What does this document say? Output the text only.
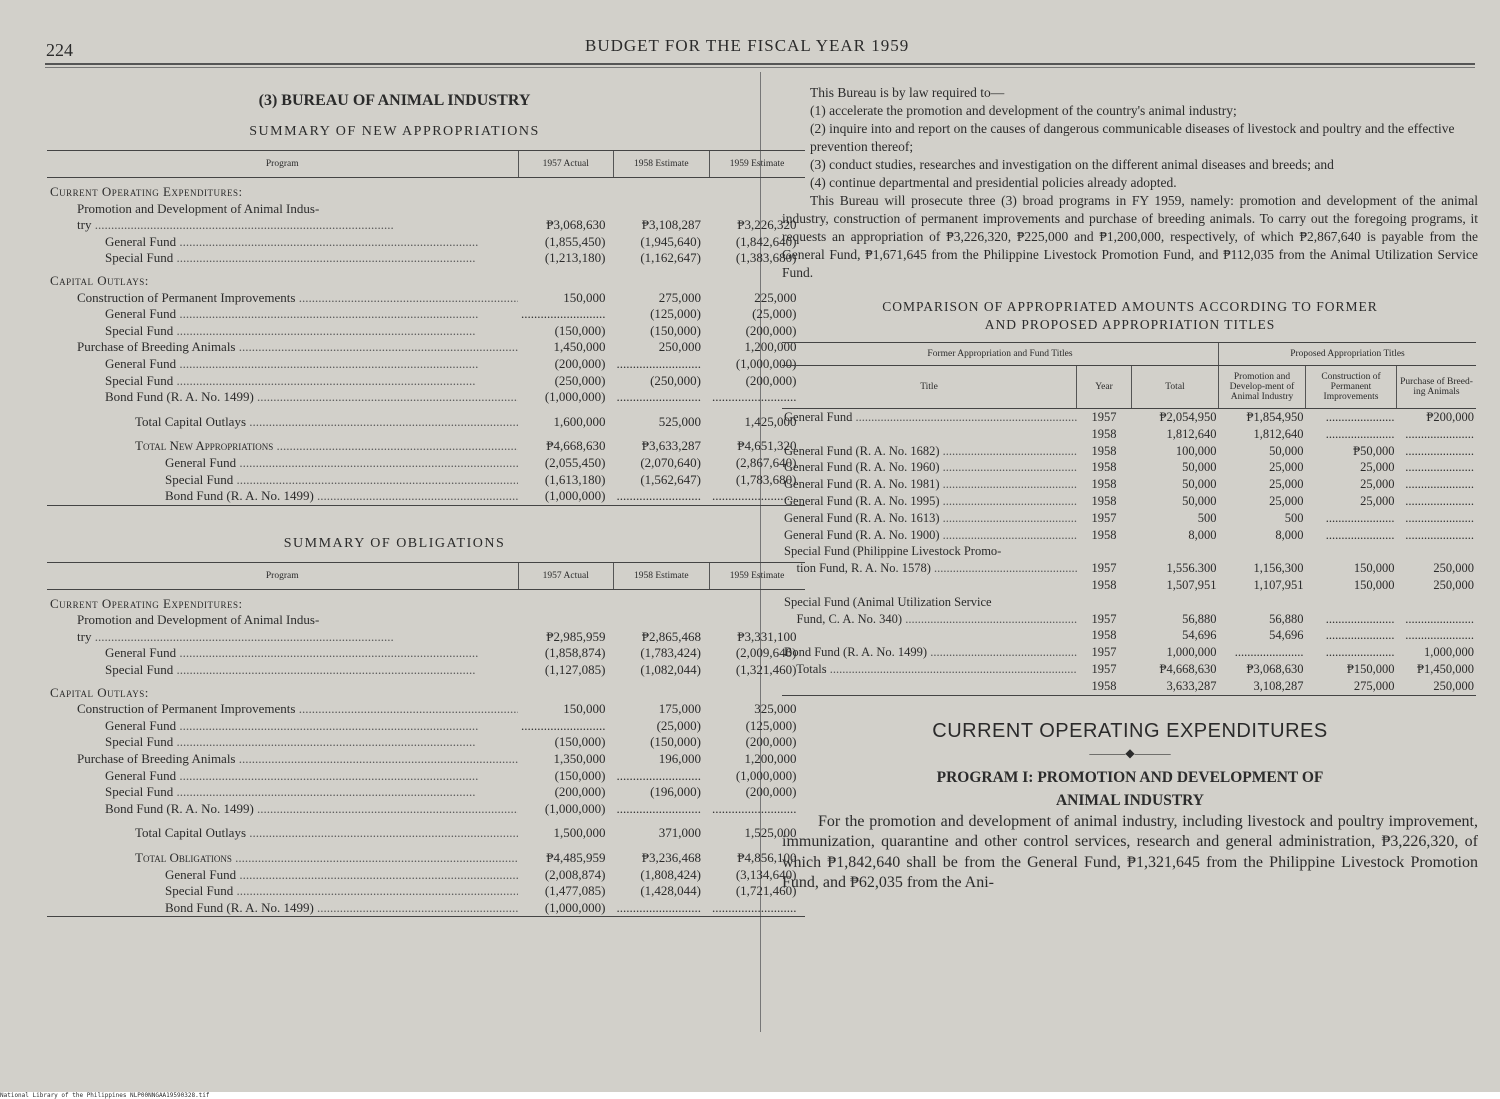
224	BUDGET FOR THE FISCAL YEAR 1959
(3) BUREAU OF ANIMAL INDUSTRY
SUMMARY OF NEW APPROPRIATIONS
Program	1957 Actual	1958 Estimate	1959 Estimate
Current Operating Expenditures:			
Promotion and Development of Animal Indus-			
try .....	₱3,068,630	₱3,108,287	₱3,226,320
General Fund .....	(1,855,450)	(1,945,640)	(1,842,640)
Special Fund .....	(1,213,180)	(1,162,647)	(1,383,680)
Capital Outlays:			
Construction of Permanent Improvements .....	150,000	275,000	225,000
General Fund .....	..........................	(125,000)	(25,000)
Special Fund .....	(150,000)	(150,000)	(200,000)
Purchase of Breeding Animals .....	1,450,000	250,000	1,200,000
General Fund .....	(200,000)	..........................	(1,000,000)
Special Fund .....	(250,000)	(250,000)	(200,000)
Bond Fund (R. A. No. 1499) .....	(1,000,000)	..........................	..........................
Total Capital Outlays .....	1,600,000	525,000	1,425,000
Total New Appropriations .....	₱4,668,630	₱3,633,287	₱4,651,320
General Fund .....	(2,055,450)	(2,070,640)	(2,867,640)
Special Fund .....	(1,613,180)	(1,562,647)	(1,783,680)
Bond Fund (R. A. No. 1499) .....	(1,000,000)	..........................	..........................
SUMMARY OF OBLIGATIONS
Program	1957 Actual	1958 Estimate	1959 Estimate
Current Operating Expenditures:			
Promotion and Development of Animal Indus-			
try .....	₱2,985,959	₱2,865,468	₱3,331,100
General Fund .....	(1,858,874)	(1,783,424)	(2,009,640)
Special Fund .....	(1,127,085)	(1,082,044)	(1,321,460)
Capital Outlays:			
Construction of Permanent Improvements .....	150,000	175,000	325,000
General Fund .....	..........................	(25,000)	(125,000)
Special Fund .....	(150,000)	(150,000)	(200,000)
Purchase of Breeding Animals .....	1,350,000	196,000	1,200,000
General Fund .....	(150,000)	..........................	(1,000,000)
Special Fund .....	(200,000)	(196,000)	(200,000)
Bond Fund (R. A. No. 1499) .....	(1,000,000)	..........................	..........................
Total Capital Outlays .....	1,500,000	371,000	1,525,000
Total Obligations .....	₱4,485,959	₱3,236,468	₱4,856,100
General Fund .....	(2,008,874)	(1,808,424)	(3,134,640)
Special Fund .....	(1,477,085)	(1,428,044)	(1,721,460)
Bond Fund (R. A. No. 1499) .....	(1,000,000)	..........................	..........................

This Bureau is by law required to—

(1) accelerate the promotion and development of the country's animal industry;

(2) inquire into and report on the causes of dangerous communicable diseases of livestock and poultry and the effective prevention thereof;

(3) conduct studies, researches and investigation on the different animal diseases and breeds; and

(4) continue departmental and presidential policies already adopted.

This Bureau will prosecute three (3) broad programs in FY 1959, namely: promotion and development of the animal industry, construction of permanent improvements and purchase of breeding animals. To carry out the foregoing programs, it requests an appropriation of ₱3,226,320, ₱225,000 and ₱1,200,000, respectively, of which ₱2,867,640 is payable from the General Fund, ₱1,671,645 from the Philippine Livestock Promotion Fund, and ₱112,035 from the Animal Utilization Service Fund.

COMPARISON OF APPROPRIATED AMOUNTS ACCORDING TO FORMER
AND PROPOSED APPROPRIATION TITLES
Former Appropriation and Fund Titles			Proposed Appropriation Titles		
Title	Year	Total	Promotion and Develop-ment of Animal Industry	Construction of Permanent Improvements	Purchase of Breed-ing Animals
General Fund .....	1957	₱2,054,950	₱1,854,950	......................	₱200,000
	1958	1,812,640	1,812,640	......................	......................
General Fund (R. A. No. 1682) .....	1958	100,000	50,000	₱50,000	......................
General Fund (R. A. No. 1960) .....	1958	50,000	25,000	25,000	......................
General Fund (R. A. No. 1981) .....	1958	50,000	25,000	25,000	......................
General Fund (R. A. No. 1995) .....	1958	50,000	25,000	25,000	......................
General Fund (R. A. No. 1613) .....	1957	500	500	......................	......................
General Fund (R. A. No. 1900) .....	1958	8,000	8,000	......................	......................
Special Fund (Philippine Livestock Promo-					
tion Fund, R. A. No. 1578) .....	1957	1,556.300	1,156,300	150,000	250,000
	1958	1,507,951	1,107,951	150,000	250,000
Special Fund (Animal Utilization Service					
Fund, C. A. No. 340) .....	1957	56,880	56,880	......................	......................
	1958	54,696	54,696	......................	......................
Bond Fund (R. A. No. 1499) .....	1957	1,000,000	......................	......................	1,000,000
Totals .....	1957	₱4,668,630	₱3,068,630	₱150,000	₱1,450,000
	1958	3,633,287	3,108,287	275,000	250,000
CURRENT OPERATING EXPENDITURES
———◆———
PROGRAM I: PROMOTION AND DEVELOPMENT OF
ANIMAL INDUSTRY

For the promotion and development of animal industry, including livestock and poultry improvement, immunization, quarantine and other control services, research and general administration, ₱3,226,320, of which ₱1,842,640 shall be from the General Fund, ₱1,321,645 from the Philippine Livestock Promotion Fund, and ₱62,035 from the Ani-

National Library of the Philippines NLP00NNGAA19590328.tif
